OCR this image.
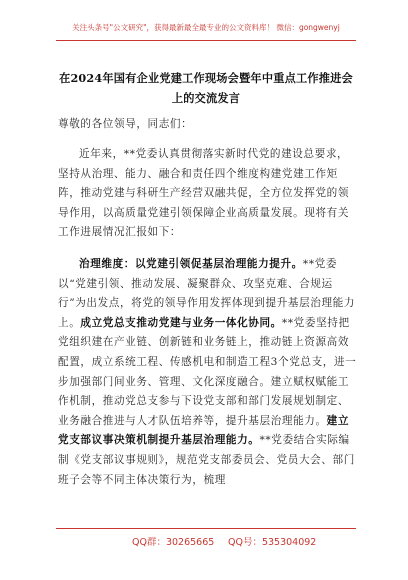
关注头条号"公文研究"，获得最新最全最专业的公文资料库！ 微信：gongwenyj
在2024年国有企业党建工作现场会暨年中重点工作推进会
上的交流发言
尊敬的各位领导，同志们：
近年来，**党委认真贯彻落实新时代党的建设总要求，坚持从治理、能力、融合和责任四个维度构建党建工作矩阵，推动党建与科研生产经营双融共促，全方位发挥党的领导作用，以高质量党建引领保障企业高质量发展。现将有关工作进展情况汇报如下：
治理维度：以党建引领促基层治理能力提升。**党委以“党建引领、推动发展、凝聚群众、攻坚克难、合规运行”为出发点，将党的领导作用发挥体现到提升基层治理能力上。成立党总支推动党建与业务一体化协同。**党委坚持把党组织建在产业链、创新链和业务链上，推动链上资源高效配置，成立系统工程、传感机电和制造工程3个党总支，进一步加强部门间业务、管理、文化深度融合。建立赋权赋能工作机制，推动党总支参与下设党支部和部门发展规划制定、业务融合推进与人才队伍培养等，提升基层治理能力。建立党支部议事决策机制提升基层治理能力。**党委结合实际编制《党支部议事规则》，规范党支部委员会、党员大会、部门班子会等不同主体决策行为，梳理
QQ群：30265665 QQ号：535304092
